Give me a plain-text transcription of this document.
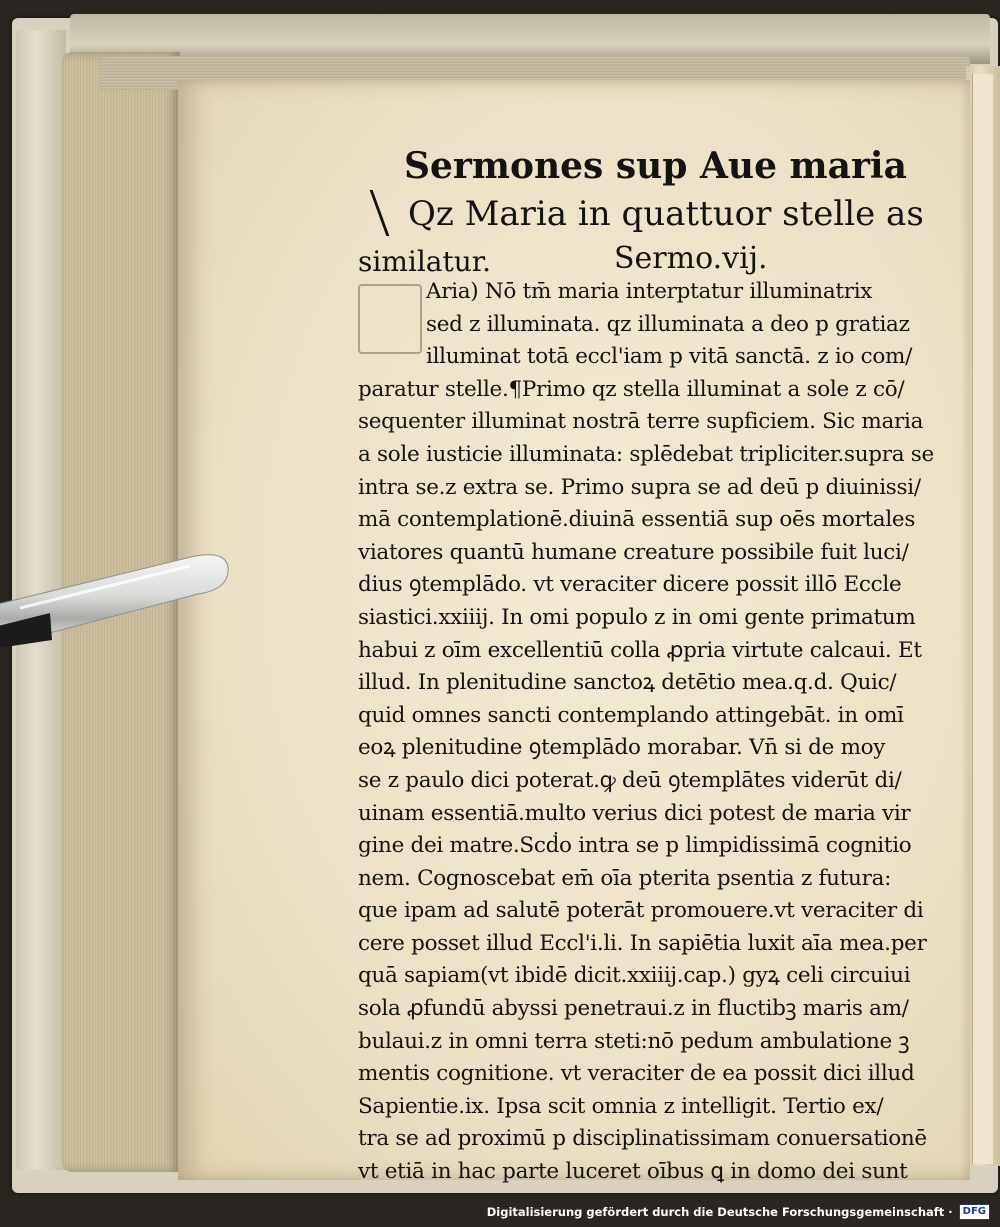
Sermones sup Aue maria
Qz Maria in quattuor stelle as
similatur.	Sermo.vij.
Aria) Nō tm̄ maria interptatur illuminatrix
sed z illuminata. qz illuminata a deo p gratiaz
illuminat totā eccl'iam p vitā sanctā. z io com/
paratur stelle.¶Primo qz stella illuminat a sole z cō/
sequenter illuminat nostrā terre supficiem. Sic maria
a sole iusticie illuminata: splēdebat tripliciter.supra se
intra se.z extra se. Primo supra se ad deū p diuinissi/
mā contemplationē.diuinā essentiā sup oēs mortales
viatores quantū humane creature possibile fuit luci/
dius ꝯtemplādo. vt veraciter dicere possit illō Eccle
siastici.xxiiij. In omi populo z in omi gente primatum
habui z oīm excellentiū colla ꝓpria virtute calcaui. Et
illud. In plenitudine sanctoꝝ detētio mea.q.d. Quic/
quid omnes sancti contemplando attingebāt. in omī
eoꝝ plenitudine ꝯtemplādo morabar. Vn̄ si de moy
se z paulo dici poterat.ꝙ deū ꝯtemplātes viderūt di/
uinam essentiā.multo verius dici potest de maria vir
gine dei matre.Scḋo intra se p limpidissimā cognitio
nem. Cognoscebat em̄ oīa pterita psentia z futura:
que ipam ad salutē poterāt promouere.vt veraciter di
cere posset illud Eccl'i.li. In sapiētia luxit aīa mea.per
quā sapiam(vt ibidē dicit.xxiiij.cap.) gyꝝ celi circuiui
sola ꝓfundū abyssi penetraui.z in fluctibꝫ maris am/
bulaui.z in omni terra steti:nō pedum ambulatione ꝫ
mentis cognitione. vt veraciter de ea possit dici illud
Sapientie.ix. Ipsa scit omnia z intelligit. Tertio ex/
tra se ad proximū p disciplinatissimam conuersationē
vt etiā in hac parte luceret oībus ꝗ in domo dei sunt
Digitalisierung gefördert durch die Deutsche Forschungsgemeinschaft ·	DFG
